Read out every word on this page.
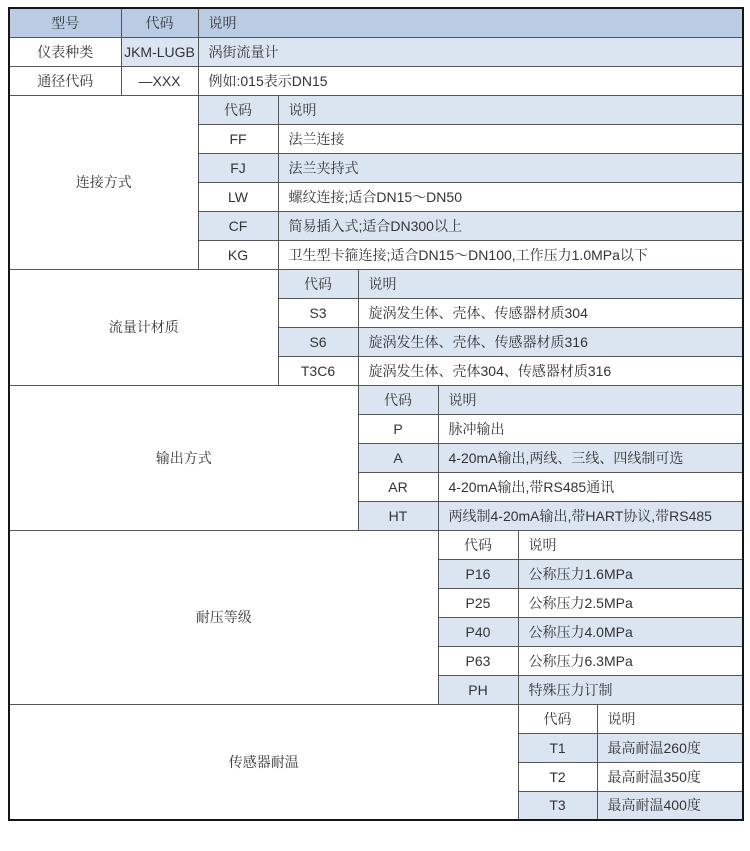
型号	代码	说明					
仪表种类	JKM-LUGB	涡街流量计					
通径代码	—XXX	例如:015表示DN15					
连接方式		代码	说明				
		FF	法兰连接				
		FJ	法兰夹持式				
		LW	螺纹连接;适合DN15～DN50				
		CF	简易插入式;适合DN300以上				
		KG	卫生型卡箍连接;适合DN15～DN100,工作压力1.0MPa以下				
流量计材质			代码	说明			
			S3	旋涡发生体、壳体、传感器材质304			
			S6	旋涡发生体、壳体、传感器材质316			
			T3C6	旋涡发生体、壳体304、传感器材质316			
输出方式				代码	说明		
				P	脉冲输出		
				A	4-20mA输出,两线、三线、四线制可选		
				AR	4-20mA输出,带RS485通讯		
				HT	两线制4-20mA输出,带HART协议,带RS485		
耐压等级					代码	说明	
					P16	公称压力1.6MPa	
					P25	公称压力2.5MPa	
					P40	公称压力4.0MPa	
					P63	公称压力6.3MPa	
					PH	特殊压力订制	
传感器耐温						代码	说明
						T1	最高耐温260度
						T2	最高耐温350度
						T3	最高耐温400度
